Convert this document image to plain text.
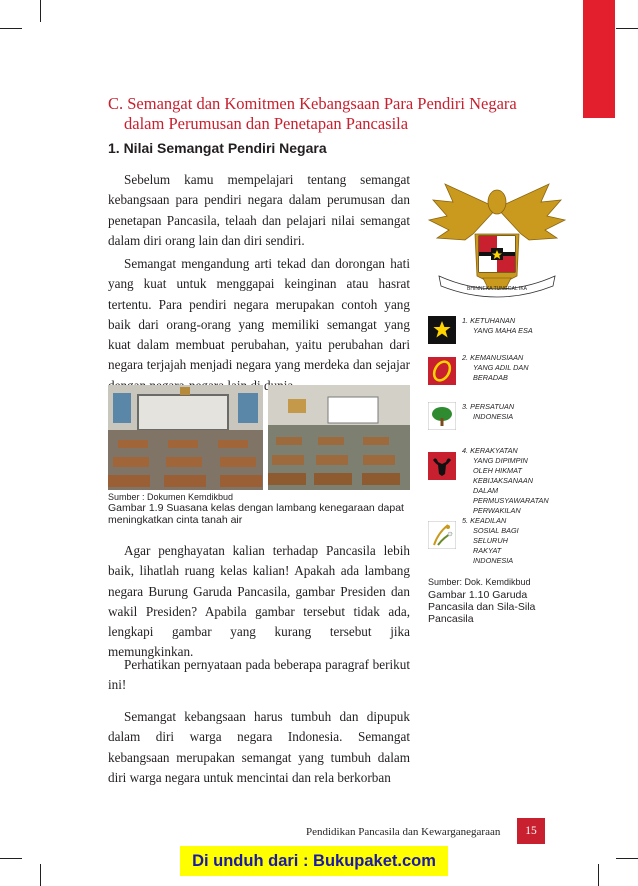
C. Semangat dan Komitmen Kebangsaan Para Pendiri Negara
dalam Perumusan dan Penetapan Pancasila
1. Nilai Semangat Pendiri Negara

Sebelum kamu mempelajari tentang semangat kebangsaan para pendiri negara dalam perumusan dan penetapan Pancasila, telaah dan pelajari nilai semangat dalam diri orang lain dan diri sendiri.

Semangat mengandung arti tekad dan dorongan hati yang kuat untuk menggapai keinginan atau hasrat tertentu. Para pendiri negara merupakan contoh yang baik dari orang-orang yang memiliki semangat yang kuat dalam membuat perubahan, yaitu perubahan dari negara terjajah menjadi negara yang merdeka dan sejajar

Sumber : Dokumen Kemdikbud
Gambar 1.9 Suasana kelas dengan lambang kenegaraan dapat meningkatkan cinta tanah air

Agar penghayatan kalian terhadap Pancasila lebih baik, lihatlah ruang kelas kalian! Apakah ada lambang negara Burung Garuda Pancasila, gambar Presiden dan wakil Presiden? Apabila gambar tersebut tidak ada, lengkapi gambar yang kurang tersebut jika memungkinkan.

Perhatikan pernyataan pada beberapa paragraf berikut ini!

Semangat kebangsaan harus tumbuh dan dipupuk dalam diri warga negara Indonesia. Semangat kebangsaan merupakan semangat yang tumbuh dalam diri warga negara untuk mencintai dan rela berkorban

BHINNEKA TUNGGAL IKA
1. KETUHANAN
YANG MAHA ESA
2. KEMANUSIAAN
YANG ADIL DAN
BERADAB
3. PERSATUAN
INDONESIA
4. KERAKYATAN
YANG DIPIMPIN
OLEH HIKMAT
KEBIJAKSANAAN
DALAM
PERMUSYAWARATAN
PERWAKILAN
5. KEADILAN
SOSIAL BAGI
SELURUH
RAKYAT
INDONESIA
Sumber: Dok. Kemdikbud
Gambar 1.10 Garuda Pancasila dan Sila-Sila Pancasila
Pendidikan Pancasila dan Kewarganegaraan	15
Di unduh dari : Bukupaket.com
